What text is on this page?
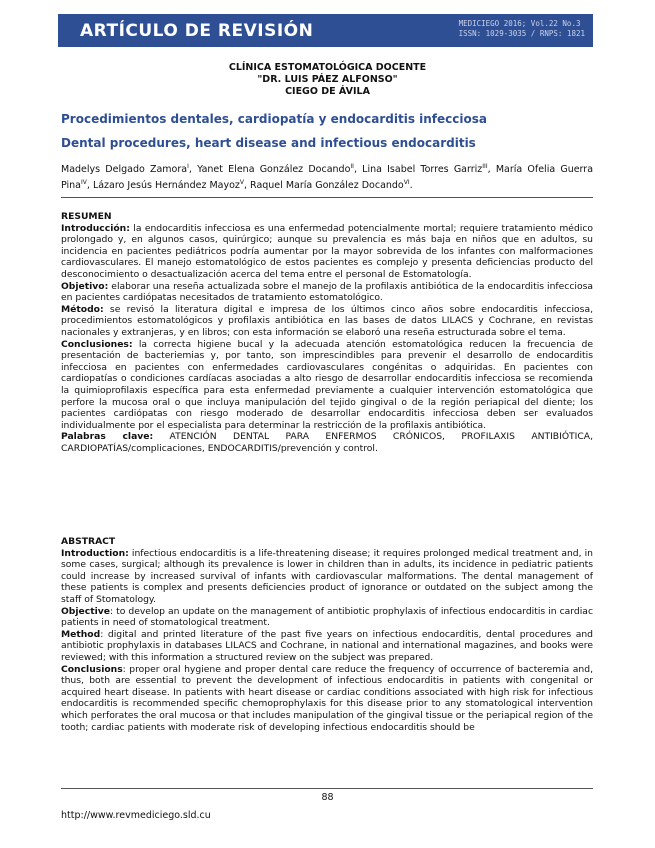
ARTÍCULO DE REVISIÓN	MEDICIEGO 2016; Vol.22 No.3
ISSN: 1029-3035 / RNPS: 1821
CLÍNICA ESTOMATOLÓGICA DOCENTE
"DR. LUIS PÁEZ ALFONSO"
CIEGO DE ÁVILA
Procedimientos dentales, cardiopatía y endocarditis infecciosa
Dental procedures, heart disease and infectious endocarditis
Madelys Delgado Zamora$^I$, Yanet Elena González Docando$^{II}$, Lina Isabel Torres Garriz$^{III}$, María Ofelia Guerra Pina$^{IV}$, Lázaro Jesús Hernández Mayoz$^V$, Raquel María González Docando$^{VI}$.

RESUMEN

Introducción: la endocarditis infecciosa es una enfermedad potencialmente mortal; requiere tratamiento médico prolongado y, en algunos casos, quirúrgico; aunque su prevalencia es más baja en niños que en adultos, su incidencia en pacientes pediátricos podría aumentar por la mayor sobrevida de los infantes con malformaciones cardiovasculares. El manejo estomatológico de estos pacientes es complejo y presenta deficiencias producto del desconocimiento o desactualización acerca del tema entre el personal de Estomatología.

Objetivo: elaborar una reseña actualizada sobre el manejo de la profilaxis antibiótica de la endocarditis infecciosa en pacientes cardiópatas necesitados de tratamiento estomatológico.

Método: se revisó la literatura digital e impresa de los últimos cinco años sobre endocarditis infecciosa, procedimientos estomatológicos y profilaxis antibiótica en las bases de datos LILACS y Cochrane, en revistas nacionales y extranjeras, y en libros; con esta información se elaboró una reseña estructurada sobre el tema.

Conclusiones: la correcta higiene bucal y la adecuada atención estomatológica reducen la frecuencia de presentación de bacteriemias y, por tanto, son imprescindibles para prevenir el desarrollo de endocarditis infecciosa en pacientes con enfermedades cardiovasculares congénitas o adquiridas. En pacientes con cardiopatías o condiciones cardíacas asociadas a alto riesgo de desarrollar endocarditis infecciosa se recomienda la quimioprofilaxis específica para esta enfermedad previamente a cualquier intervención estomatológica que perfore la mucosa oral o que incluya manipulación del tejido gingival o de la región periapical del diente; los pacientes cardiópatas con riesgo moderado de desarrollar endocarditis infecciosa deben ser evaluados individualmente por el especialista para determinar la restricción de la profilaxis antibiótica.

Palabras clave: ATENCIÓN DENTAL PARA ENFERMOS CRÓNICOS, PROFILAXIS ANTIBIÓTICA, CARDIOPATÍAS/complicaciones, ENDOCARDITIS/prevención y control.

ABSTRACT

Introduction: infectious endocarditis is a life-threatening disease; it requires prolonged medical treatment and, in some cases, surgical; although its prevalence is lower in children than in adults, its incidence in pediatric patients could increase by increased survival of infants with cardiovascular malformations. The dental management of these patients is complex and presents deficiencies product of ignorance or outdated on the subject among the staff of Stomatology.

Objective: to develop an update on the management of antibiotic prophylaxis of infectious endocarditis in cardiac patients in need of stomatological treatment.

Method: digital and printed literature of the past five years on infectious endocarditis, dental procedures and antibiotic prophylaxis in databases LILACS and Cochrane, in national and international magazines, and books were reviewed; with this information a structured review on the subject was prepared.

Conclusions: proper oral hygiene and proper dental care reduce the frequency of occurrence of bacteremia and, thus, both are essential to prevent the development of infectious endocarditis in patients with congenital or acquired heart disease. In patients with heart disease or cardiac conditions associated with high risk for infectious endocarditis is recommended specific chemoprophylaxis for this disease prior to any stomatological intervention which perforates the oral mucosa or that includes manipulation of the gingival tissue or the periapical region of the tooth; cardiac patients with moderate risk of developing infectious endocarditis should be

88
http://www.revmediciego.sld.cu
